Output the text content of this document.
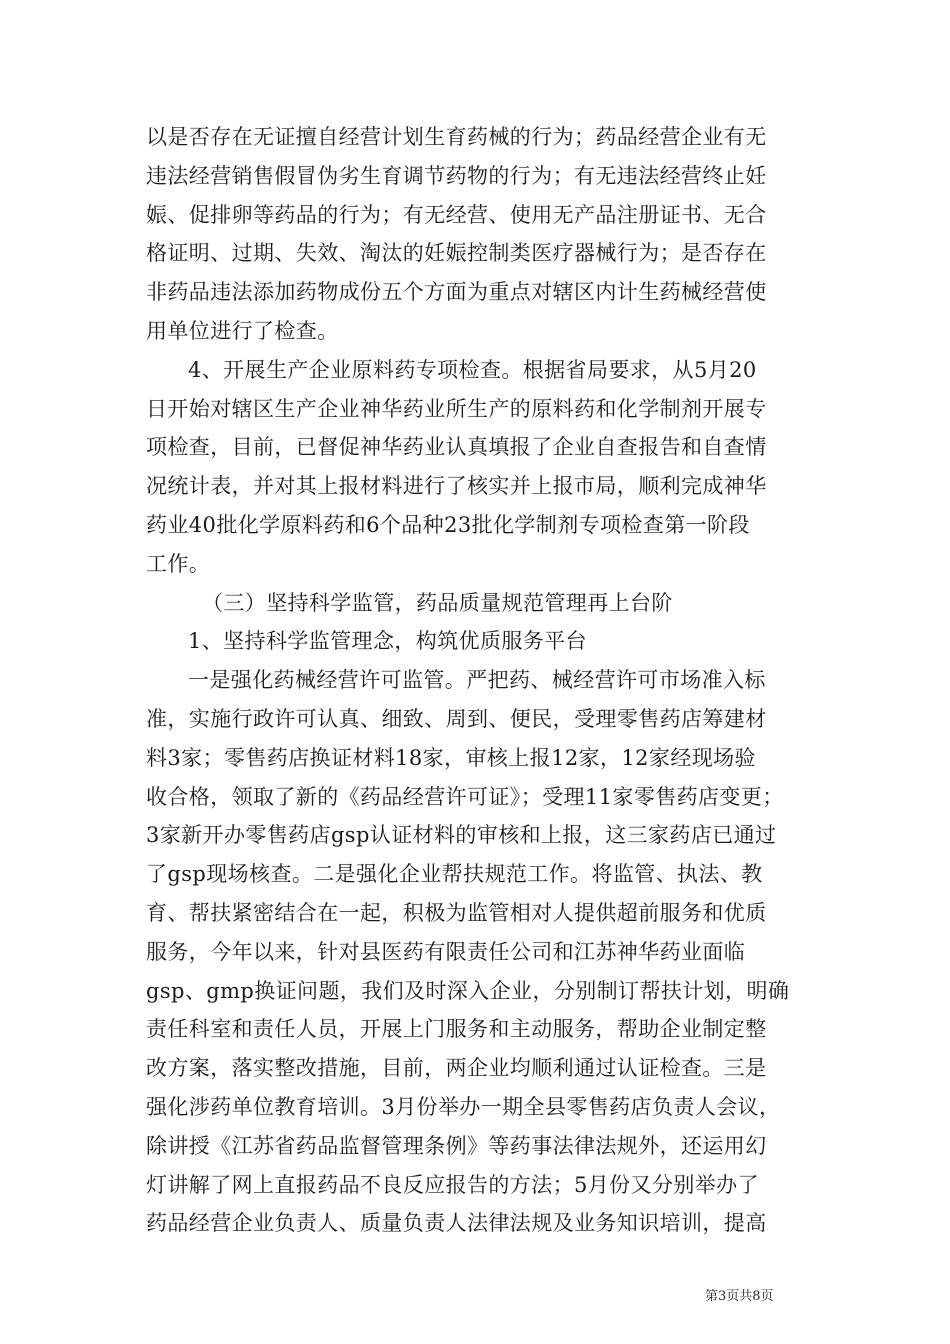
以是否存在无证擅自经营计划生育药械的行为；药品经营企业有无
违法经营销售假冒伪劣生育调节药物的行为；有无违法经营终止妊
娠、促排卵等药品的行为；有无经营、使用无产品注册证书、无合
格证明、过期、失效、淘汰的妊娠控制类医疗器械行为；是否存在
非药品违法添加药物成份五个方面为重点对辖区内计生药械经营使
用单位进行了检查。
4、开展生产企业原料药专项检查。根据省局要求，从5月20
日开始对辖区生产企业神华药业所生产的原料药和化学制剂开展专
项检查，目前，已督促神华药业认真填报了企业自查报告和自查情
况统计表，并对其上报材料进行了核实并上报市局，顺利完成神华
药业40批化学原料药和6个品种23批化学制剂专项检查第一阶段
工作。
（三）坚持科学监管，药品质量规范管理再上台阶
1、坚持科学监管理念，构筑优质服务平台
一是强化药械经营许可监管。严把药、械经营许可市场准入标
准，实施行政许可认真、细致、周到、便民，受理零售药店筹建材
料3家；零售药店换证材料18家，审核上报12家，12家经现场验
收合格，领取了新的《药品经营许可证》；受理11家零售药店变更；
3家新开办零售药店gsp认证材料的审核和上报，这三家药店已通过
了gsp现场核查。二是强化企业帮扶规范工作。将监管、执法、教
育、帮扶紧密结合在一起，积极为监管相对人提供超前服务和优质
服务，今年以来，针对县医药有限责任公司和江苏神华药业面临
gsp、gmp换证问题，我们及时深入企业，分别制订帮扶计划，明确
责任科室和责任人员，开展上门服务和主动服务，帮助企业制定整
改方案，落实整改措施，目前，两企业均顺利通过认证检查。三是
强化涉药单位教育培训。3月份举办一期全县零售药店负责人会议，
除讲授《江苏省药品监督管理条例》等药事法律法规外，还运用幻
灯讲解了网上直报药品不良反应报告的方法；5月份又分别举办了
药品经营企业负责人、质量负责人法律法规及业务知识培训，提高
第3页共8页
